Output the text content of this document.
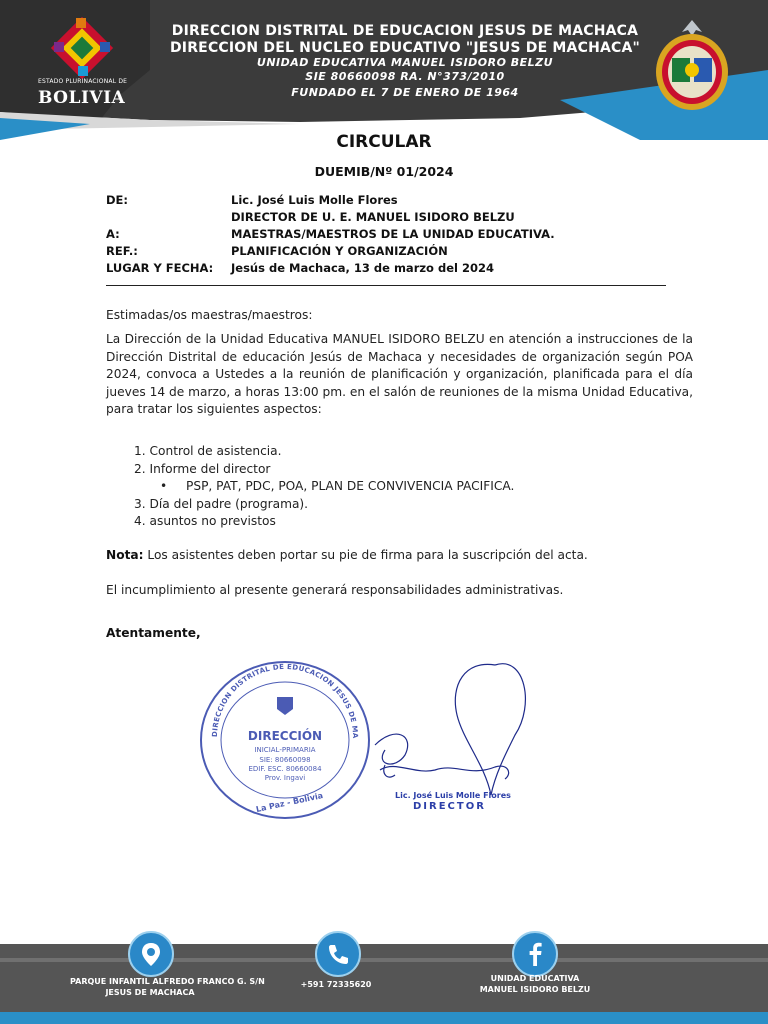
ESTADO PLURINACIONAL DE
BOLIVIA
DIRECCION DISTRITAL DE EDUCACION JESUS DE MACHACA
DIRECCION DEL NUCLEO EDUCATIVO "JESUS DE MACHACA"
UNIDAD EDUCATIVA MANUEL ISIDORO BELZU
SIE 80660098 RA. N°373/2010
FUNDADO EL 7 DE ENERO DE 1964
CIRCULAR
DUEMIB/Nº 01/2024
DE:	Lic. José Luis Molle Flores
DIRECTOR DE U. E. MANUEL ISIDORO BELZU
A:	MAESTRAS/MAESTROS DE LA UNIDAD EDUCATIVA.
REF.:	PLANIFICACIÓN Y ORGANIZACIÓN
LUGAR Y FECHA: Jesús de Machaca, 13 de marzo del 2024
Estimadas/os maestras/maestros:
La Dirección de la Unidad Educativa MANUEL ISIDORO BELZU en atención a instrucciones de la Dirección Distrital de educación Jesús de Machaca y necesidades de organización según POA 2024, convoca a Ustedes a la reunión de planificación y organización, planificada para el día jueves 14 de marzo, a horas 13:00 pm. en el salón de reuniones de la misma Unidad Educativa, para tratar los siguientes aspectos:
1. Control de asistencia.
2. Informe del director
• PSP, PAT, PDC, POA, PLAN DE CONVIVENCIA PACIFICA.
3. Día del padre (programa).
4. asuntos no previstos
Nota: Los asistentes deben portar su pie de firma para la suscripción del acta.
El incumplimiento al presente generará responsabilidades administrativas.
Atentamente,
DIRECCION DISTRITAL DE EDUCACION JESUS DE MA
DIRECCIÓN
INICIAL-PRIMARIA
SIE: 80660098
EDIF. ESC. 80660084
Prov. Ingavi
La Paz - Bolivia	Lic. José Luis Molle Flores
DIRECTOR
PARQUE INFANTIL ALFREDO FRANCO G. S/N
JESUS DE MACHACA
+591 72335620
UNIDAD EDUCATIVA
MANUEL ISIDORO BELZU
